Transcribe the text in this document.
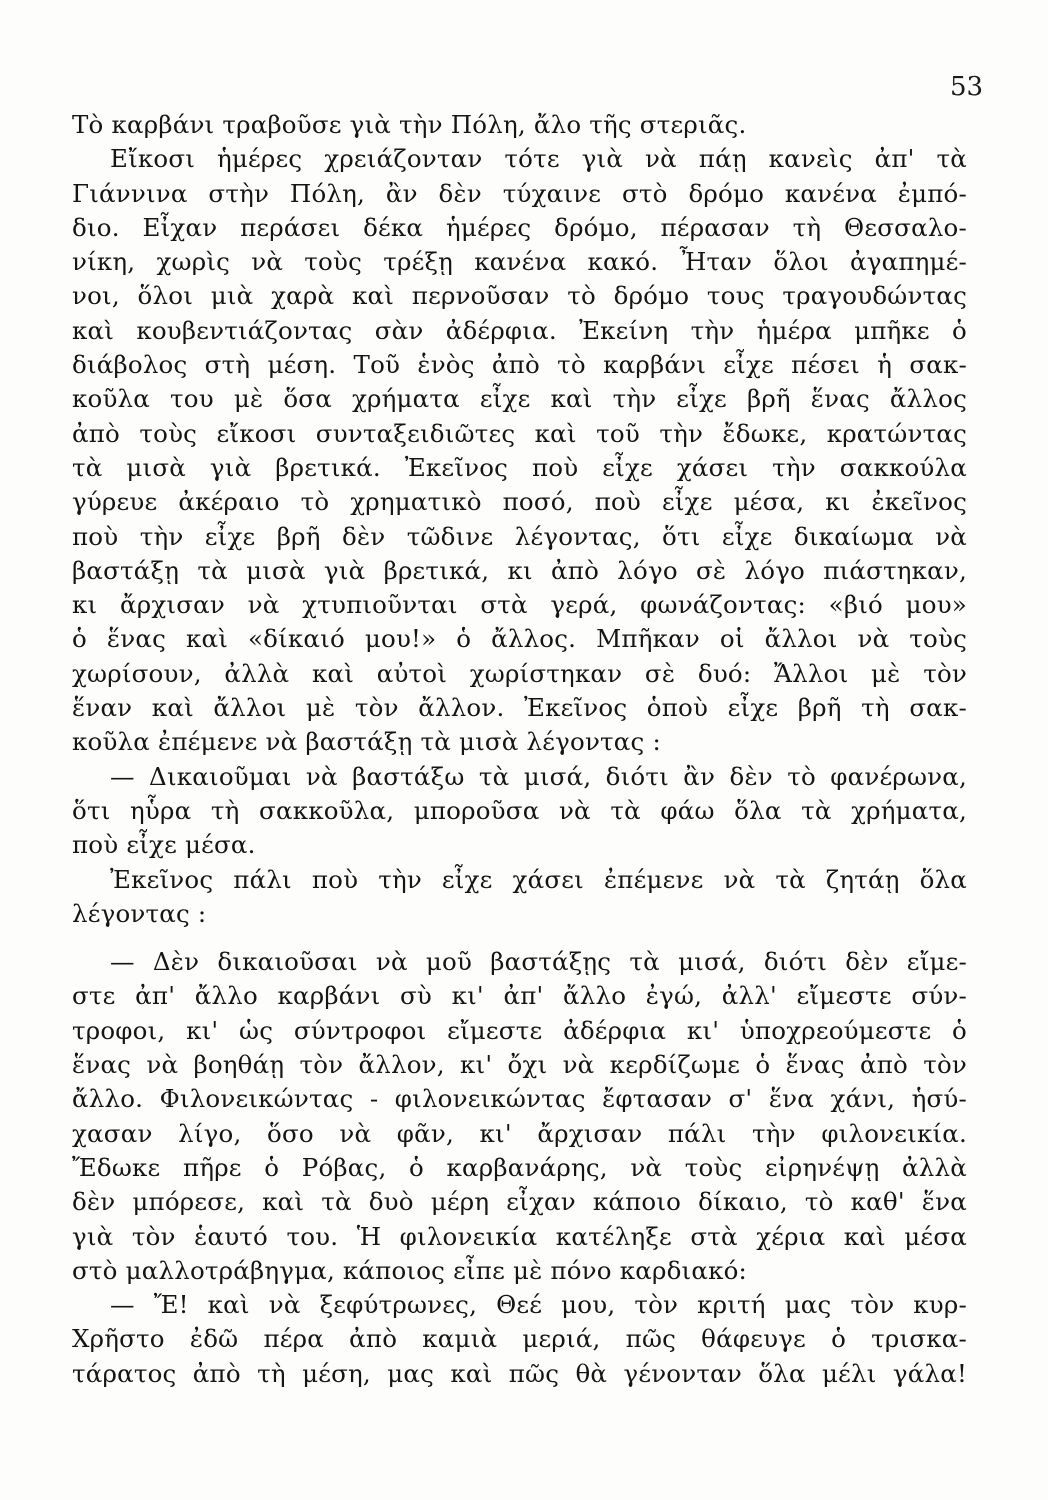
53
Τὸ καρβάνι τραβοῦσε γιὰ τὴν Πόλη, ἄλο τῆς στεριᾶς.
Εἴκοσι ἡμέρες χρειάζονταν τότε γιὰ νὰ πάῃ κανεὶς ἀπ' τὰ
Γιάννινα στὴν Πόλη, ἂν δὲν τύχαινε στὸ δρόμο κανένα ἐμπό-
διο. Εἶχαν περάσει δέκα ἡμέρες δρόμο, πέρασαν τὴ Θεσσαλο-
νίκη, χωρὶς νὰ τοὺς τρέξῃ κανένα κακό. Ἦταν ὅλοι ἀγαπημέ-
νοι, ὅλοι μιὰ χαρὰ καὶ περνοῦσαν τὸ δρόμο τους τραγουδώντας
καὶ κουβεντιάζοντας σὰν ἀδέρφια. Ἐκείνη τὴν ἡμέρα μπῆκε ὁ
διάβολος στὴ μέση. Τοῦ ἑνὸς ἀπὸ τὸ καρβάνι εἶχε πέσει ἡ σακ-
κοῦλα του μὲ ὅσα χρήματα εἶχε καὶ τὴν εἶχε βρῆ ἕνας ἄλλος
ἀπὸ τοὺς εἴκοσι συνταξειδιῶτες καὶ τοῦ τὴν ἔδωκε, κρατώντας
τὰ μισὰ γιὰ βρετικά. Ἐκεῖνος ποὺ εἶχε χάσει τὴν σακκούλα
γύρευε ἀκέραιο τὸ χρηματικὸ ποσό, ποὺ εἶχε μέσα, κι ἐκεῖνος
ποὺ τὴν εἶχε βρῆ δὲν τῶδινε λέγοντας, ὅτι εἶχε δικαίωμα νὰ
βαστάξῃ τὰ μισὰ γιὰ βρετικά, κι ἀπὸ λόγο σὲ λόγο πιάστηκαν,
κι ἄρχισαν νὰ χτυπιοῦνται στὰ γερά, φωνάζοντας: «βιό μου»
ὁ ἕνας καὶ «δίκαιό μου!» ὁ ἄλλος. Μπῆκαν οἱ ἄλλοι νὰ τοὺς
χωρίσουν, ἀλλὰ καὶ αὐτοὶ χωρίστηκαν σὲ δυό: Ἄλλοι μὲ τὸν
ἕναν καὶ ἄλλοι μὲ τὸν ἄλλον. Ἐκεῖνος ὁποὺ εἶχε βρῆ τὴ σακ-
κοῦλα ἐπέμενε νὰ βαστάξῃ τὰ μισὰ λέγοντας :
— Δικαιοῦμαι νὰ βαστάξω τὰ μισά, διότι ἂν δὲν τὸ φανέρωνα,
ὅτι ηὗρα τὴ σακκοῦλα, μποροῦσα νὰ τὰ φάω ὅλα τὰ χρήματα,
ποὺ εἶχε μέσα.
Ἐκεῖνος πάλι ποὺ τὴν εἶχε χάσει ἐπέμενε νὰ τὰ ζητάῃ ὅλα
λέγοντας :
— Δὲν δικαιοῦσαι νὰ μοῦ βαστάξῃς τὰ μισά, διότι δὲν εἴμε-
στε ἀπ' ἄλλο καρβάνι σὺ κι' ἀπ' ἄλλο ἐγώ, ἀλλ' εἴμεστε σύν-
τροφοι, κι' ὡς σύντροφοι εἴμεστε ἀδέρφια κι' ὑποχρεούμεστε ὁ
ἕνας νὰ βοηθάῃ τὸν ἄλλον, κι' ὄχι νὰ κερδίζωμε ὁ ἕνας ἀπὸ τὸν
ἄλλο. Φιλονεικώντας - φιλονεικώντας ἔφτασαν σ' ἕνα χάνι, ἡσύ-
χασαν λίγο, ὅσο νὰ φᾶν, κι' ἄρχισαν πάλι τὴν φιλονεικία.
Ἔδωκε πῆρε ὁ Ρόβας, ὁ καρβανάρης, νὰ τοὺς εἰρηνέψῃ ἀλλὰ
δὲν μπόρεσε, καὶ τὰ δυὸ μέρη εἶχαν κάποιο δίκαιο, τὸ καθ' ἕνα
γιὰ τὸν ἑαυτό του. Ἡ φιλονεικία κατέληξε στὰ χέρια καὶ μέσα
στὸ μαλλοτράβηγμα, κάποιος εἶπε μὲ πόνο καρδιακό:
— Ἔ! καὶ νὰ ξεφύτρωνες, Θεέ μου, τὸν κριτή μας τὸν κυρ-
Χρῆστο ἐδῶ πέρα ἀπὸ καμιὰ μεριά, πῶς θάφευγε ὁ τρισκα-
τάρατος ἀπὸ τὴ μέση, μας καὶ πῶς θὰ γένονταν ὅλα μέλι γάλα!
